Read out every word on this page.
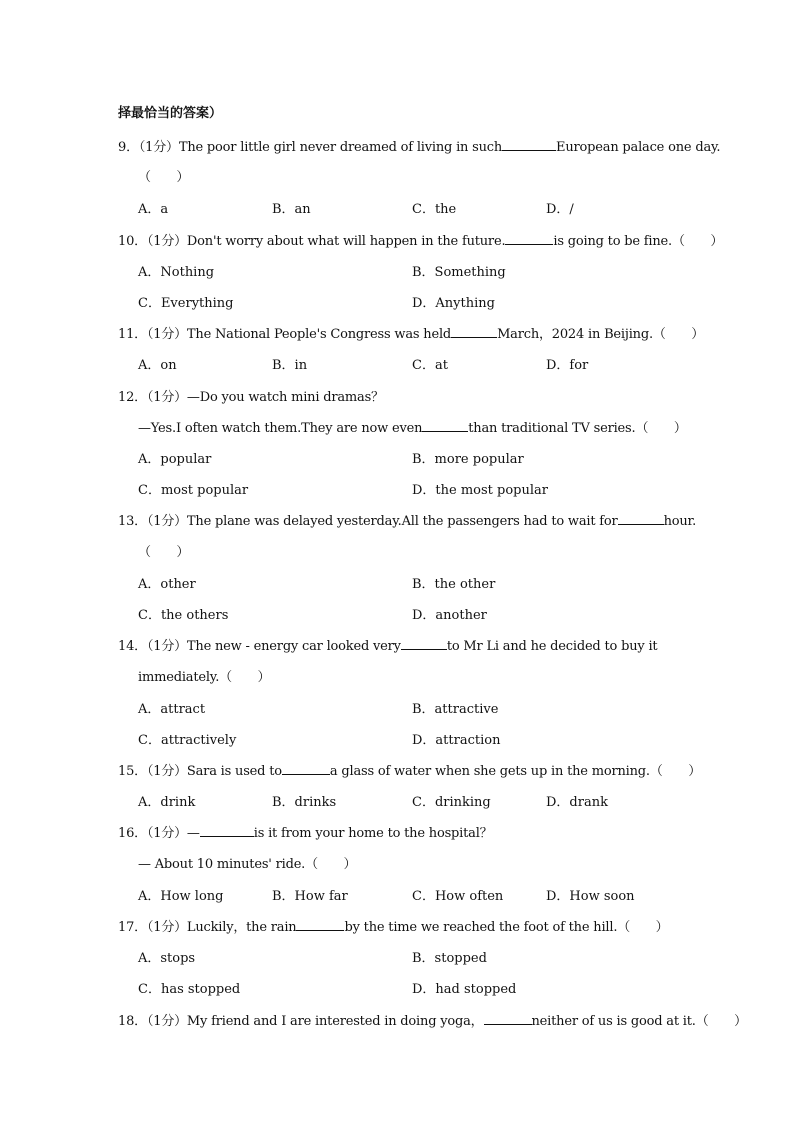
择最恰当的答案）
9．（1分）The poor little girl never dreamed of living in such	European palace one day.
（　　）
A．a	B．an	C．the	D．/
10．（1分）Don't worry about what will happen in the future.	is going to be fine.（　　）
A．Nothing	B．Something
C．Everything	D．Anything
11．（1分）The National People's Congress was held	March，2024 in Beijing.（　　）
A．on	B．in	C．at	D．for
12．（1分）—Do you watch mini dramas？
—Yes.I often watch them.They are now even	than traditional TV series.（　　）
A．popular	B．more popular
C．most popular	D．the most popular
13．（1分）The plane was delayed yesterday.All the passengers had to wait for	hour.
（　　）
A．other	B．the other
C．the others	D．another
14．（1分）The new - energy car looked very	to Mr Li and he decided to buy it
immediately.（　　）
A．attract	B．attractive
C．attractively	D．attraction
15．（1分）Sara is used to	a glass of water when she gets up in the morning.（　　）
A．drink	B．drinks	C．drinking	D．drank
16．（1分）—	is it from your home to the hospital？
— About 10 minutes' ride.（　　）
A．How long	B．How far	C．How often	D．How soon
17．（1分）Luckily，the rain	by the time we reached the foot of the hill.（　　）
A．stops	B．stopped
C．has stopped	D．had stopped
18．（1分）My friend and I are interested in doing yoga，	neither of us is good at it.（　　）
